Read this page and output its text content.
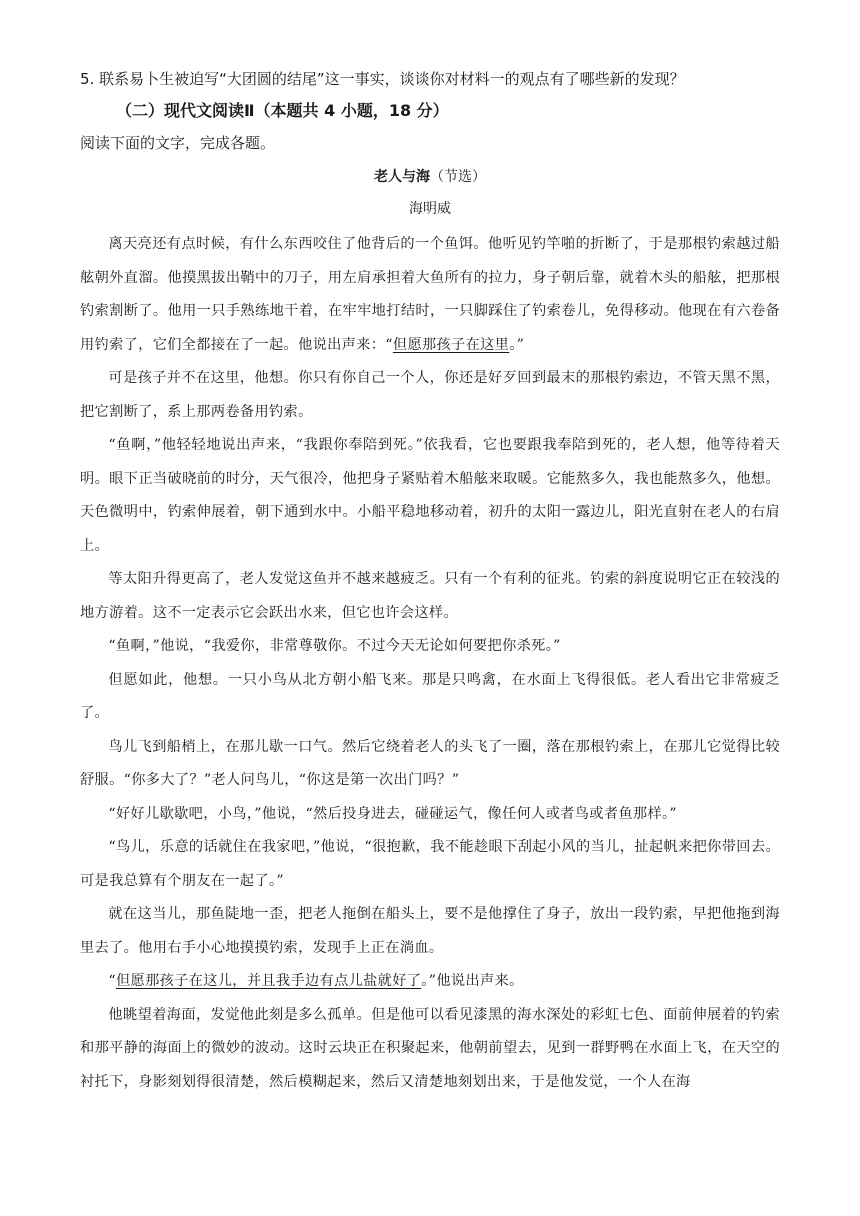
5. 联系易卜生被迫写“大团圆的结尾”这一事实，谈谈你对材料一的观点有了哪些新的发现？

（二）现代文阅读Ⅱ（本题共 4 小题，18 分）

阅读下面的文字，完成各题。

老人与海（节选）

海明威

离天亮还有点时候，有什么东西咬住了他背后的一个鱼饵。他听见钓竿啪的折断了，于是那根钓索越过船舷朝外直溜。他摸黑拔出鞘中的刀子，用左肩承担着大鱼所有的拉力，身子朝后靠，就着木头的船舷，把那根钓索割断了。他用一只手熟练地干着，在牢牢地打结时，一只脚踩住了钓索卷儿，免得移动。他现在有六卷备用钓索了，它们全都接在了一起。他说出声来：“但愿那孩子在这里。”

可是孩子并不在这里，他想。你只有你自己一个人，你还是好歹回到最末的那根钓索边，不管天黑不黑，把它割断了，系上那两卷备用钓索。

“鱼啊，”他轻轻地说出声来，“我跟你奉陪到死。”依我看，它也要跟我奉陪到死的，老人想，他等待着天明。眼下正当破晓前的时分，天气很冷，他把身子紧贴着木船舷来取暖。它能熬多久，我也能熬多久，他想。天色微明中，钓索伸展着，朝下通到水中。小船平稳地移动着，初升的太阳一露边儿，阳光直射在老人的右肩上。

等太阳升得更高了，老人发觉这鱼并不越来越疲乏。只有一个有利的征兆。钓索的斜度说明它正在较浅的地方游着。这不一定表示它会跃出水来，但它也许会这样。

“鱼啊，”他说，“我爱你，非常尊敬你。不过今天无论如何要把你杀死。”

但愿如此，他想。一只小鸟从北方朝小船飞来。那是只鸣禽，在水面上飞得很低。老人看出它非常疲乏了。

鸟儿飞到船梢上，在那儿歇一口气。然后它绕着老人的头飞了一圈，落在那根钓索上，在那儿它觉得比较舒服。“你多大了？”老人问鸟儿，“你这是第一次出门吗？”

“好好儿歇歇吧，小鸟，”他说，“然后投身进去，碰碰运气，像任何人或者鸟或者鱼那样。”

“鸟儿，乐意的话就住在我家吧，”他说，“很抱歉，我不能趁眼下刮起小风的当儿，扯起帆来把你带回去。可是我总算有个朋友在一起了。”

就在这当儿，那鱼陡地一歪，把老人拖倒在船头上，要不是他撑住了身子，放出一段钓索，早把他拖到海里去了。他用右手小心地摸摸钓索，发现手上正在淌血。

“但愿那孩子在这儿，并且我手边有点儿盐就好了。”他说出声来。

他眺望着海面，发觉他此刻是多么孤单。但是他可以看见漆黑的海水深处的彩虹七色、面前伸展着的钓索和那平静的海面上的微妙的波动。这时云块正在积聚起来，他朝前望去，见到一群野鸭在水面上飞，在天空的衬托下，身影刻划得很清楚，然后模糊起来，然后又清楚地刻划出来，于是他发觉，一个人在海
